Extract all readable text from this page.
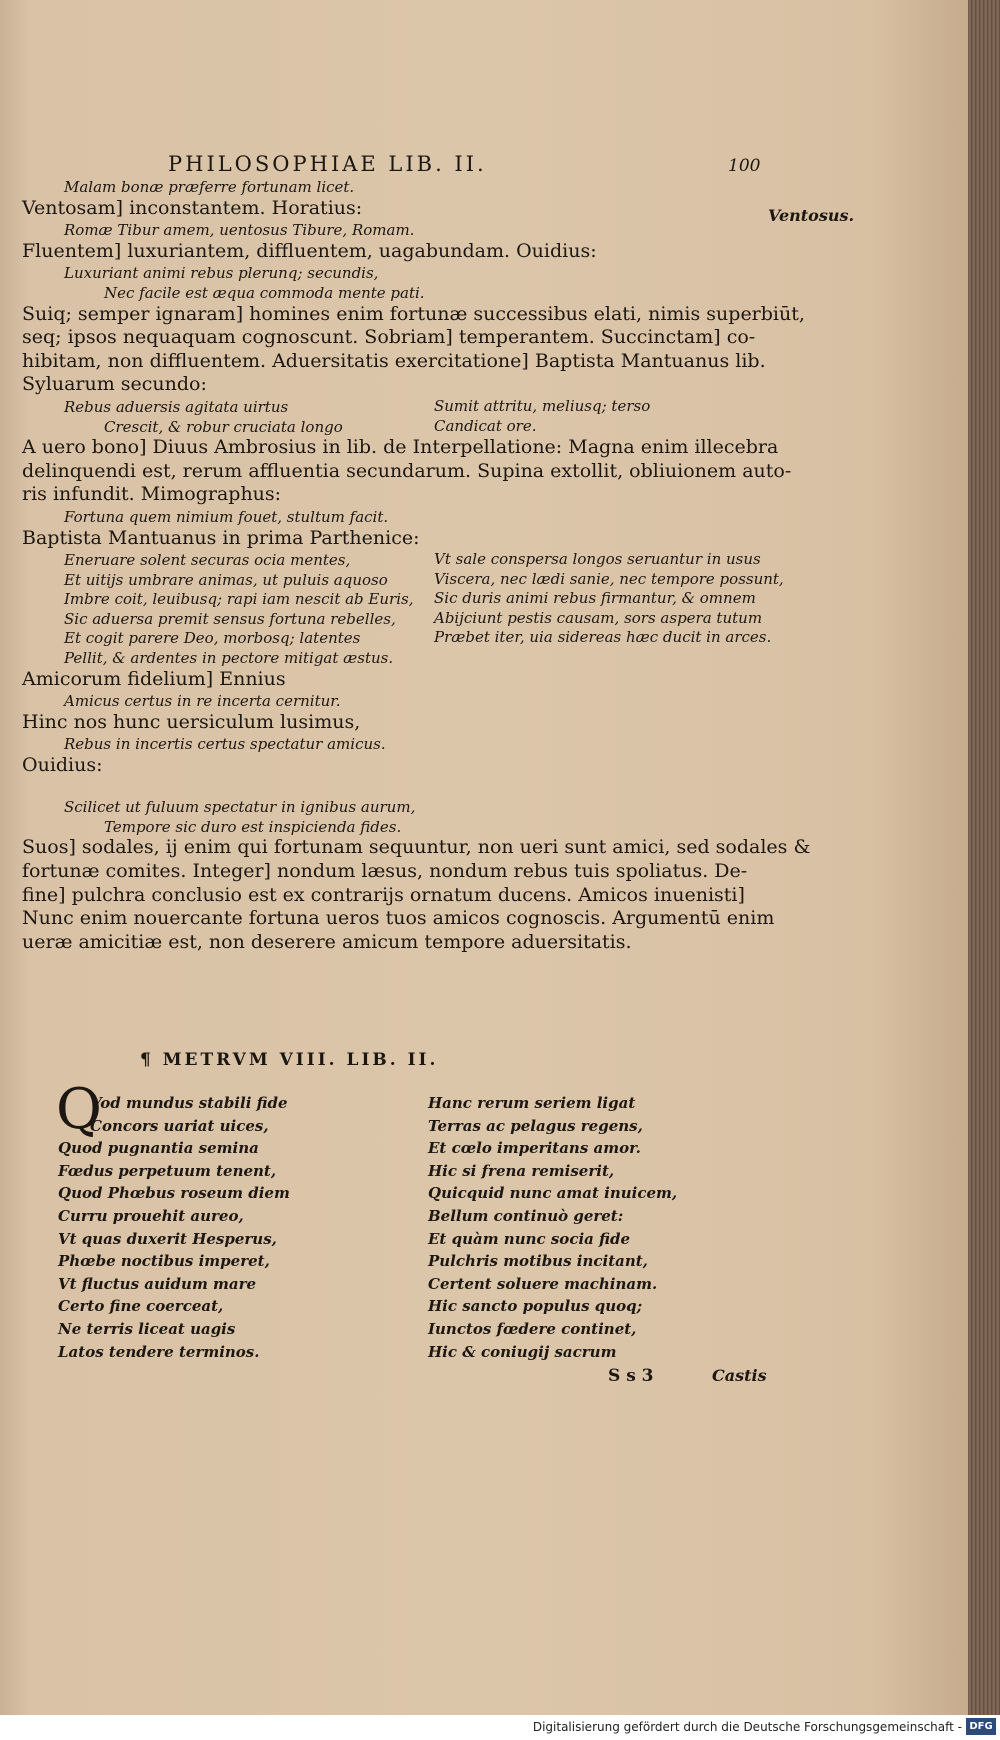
PHILOSOPHIAE LIB. II.	100
Ventosus.
Malam bonæ præferre fortunam licet.
Ventosam] inconstantem. Horatius:
Romæ Tibur amem, uentosus Tibure, Romam.
Fluentem] luxuriantem, diffluentem, uagabundam. Ouidius:
Luxuriant animi rebus plerunq; secundis,
Nec facile est æqua commoda mente pati.
Suiq; semper ignaram] homines enim fortunæ successibus elati, nimis superbiūt,
seq; ipsos nequaquam cognoscunt. Sobriam] temperantem. Succinctam] co-
hibitam, non diffluentem. Aduersitatis exercitatione] Baptista Mantuanus lib.
Syluarum secundo:
Rebus aduersis agitata uirtus	Sumit attritu, meliusq; terso
Crescit, & robur cruciata longo	Candicat ore.
A uero bono] Diuus Ambrosius in lib. de Interpellatione: Magna enim illecebra
delinquendi est, rerum affluentia secundarum. Supina extollit, obliuionem auto-
ris infundit. Mimographus:
Fortuna quem nimium fouet, stultum facit.
Baptista Mantuanus in prima Parthenice:
Eneruare solent securas ocia mentes,	Vt sale conspersa longos seruantur in usus
Et uitijs umbrare animas, ut puluis aquoso	Viscera, nec lædi sanie, nec tempore possunt,
Imbre coit, leuibusq; rapi iam nescit ab Euris, Sic duris animi rebus firmantur, & omnem
Sic aduersa premit sensus fortuna rebelles,	Abijciunt pestis causam, sors aspera tutum
Et cogit parere Deo, morbosq; latentes	Præbet iter, uia sidereas hæc ducit in arces.
Pellit, & ardentes in pectore mitigat æstus.
Amicorum fidelium] Ennius
Amicus certus in re incerta cernitur.
Hinc nos hunc uersiculum lusimus,
Rebus in incertis certus spectatur amicus.
Ouidius:
Scilicet ut fuluum spectatur in ignibus aurum,
Tempore sic duro est inspicienda fides.
Suos] sodales, ij enim qui fortunam sequuntur, non ueri sunt amici, sed sodales &
fortunæ comites. Integer] nondum læsus, nondum rebus tuis spoliatus. De-
fine] pulchra conclusio est ex contrarijs ornatum ducens. Amicos inuenisti]
Nunc enim nouercante fortuna ueros tuos amicos cognoscis. Argumentū enim
ueræ amicitiæ est, non deserere amicum tempore aduersitatis.
¶ METRVM VIII. LIB. II.
Q
Vod mundus stabili fide
Concors uariat uices,
Quod pugnantia semina
Fœdus perpetuum tenent,
Quod Phœbus roseum diem
Curru prouehit aureo,
Vt quas duxerit Hesperus,
Phœbe noctibus imperet,
Vt fluctus auidum mare
Certo fine coerceat,
Ne terris liceat uagis
Latos tendere terminos.
Hanc rerum seriem ligat
Terras ac pelagus regens,
Et cœlo imperitans amor.
Hic si frena remiserit,
Quicquid nunc amat inuicem,
Bellum continuò geret:
Et quàm nunc socia fide
Pulchris motibus incitant,
Certent soluere machinam.
Hic sancto populus quoq;
Iunctos fœdere continet,
Hic & coniugij sacrum
S s 3	Castis
Digitalisierung gefördert durch die Deutsche Forschungsgemeinschaft - DFG
